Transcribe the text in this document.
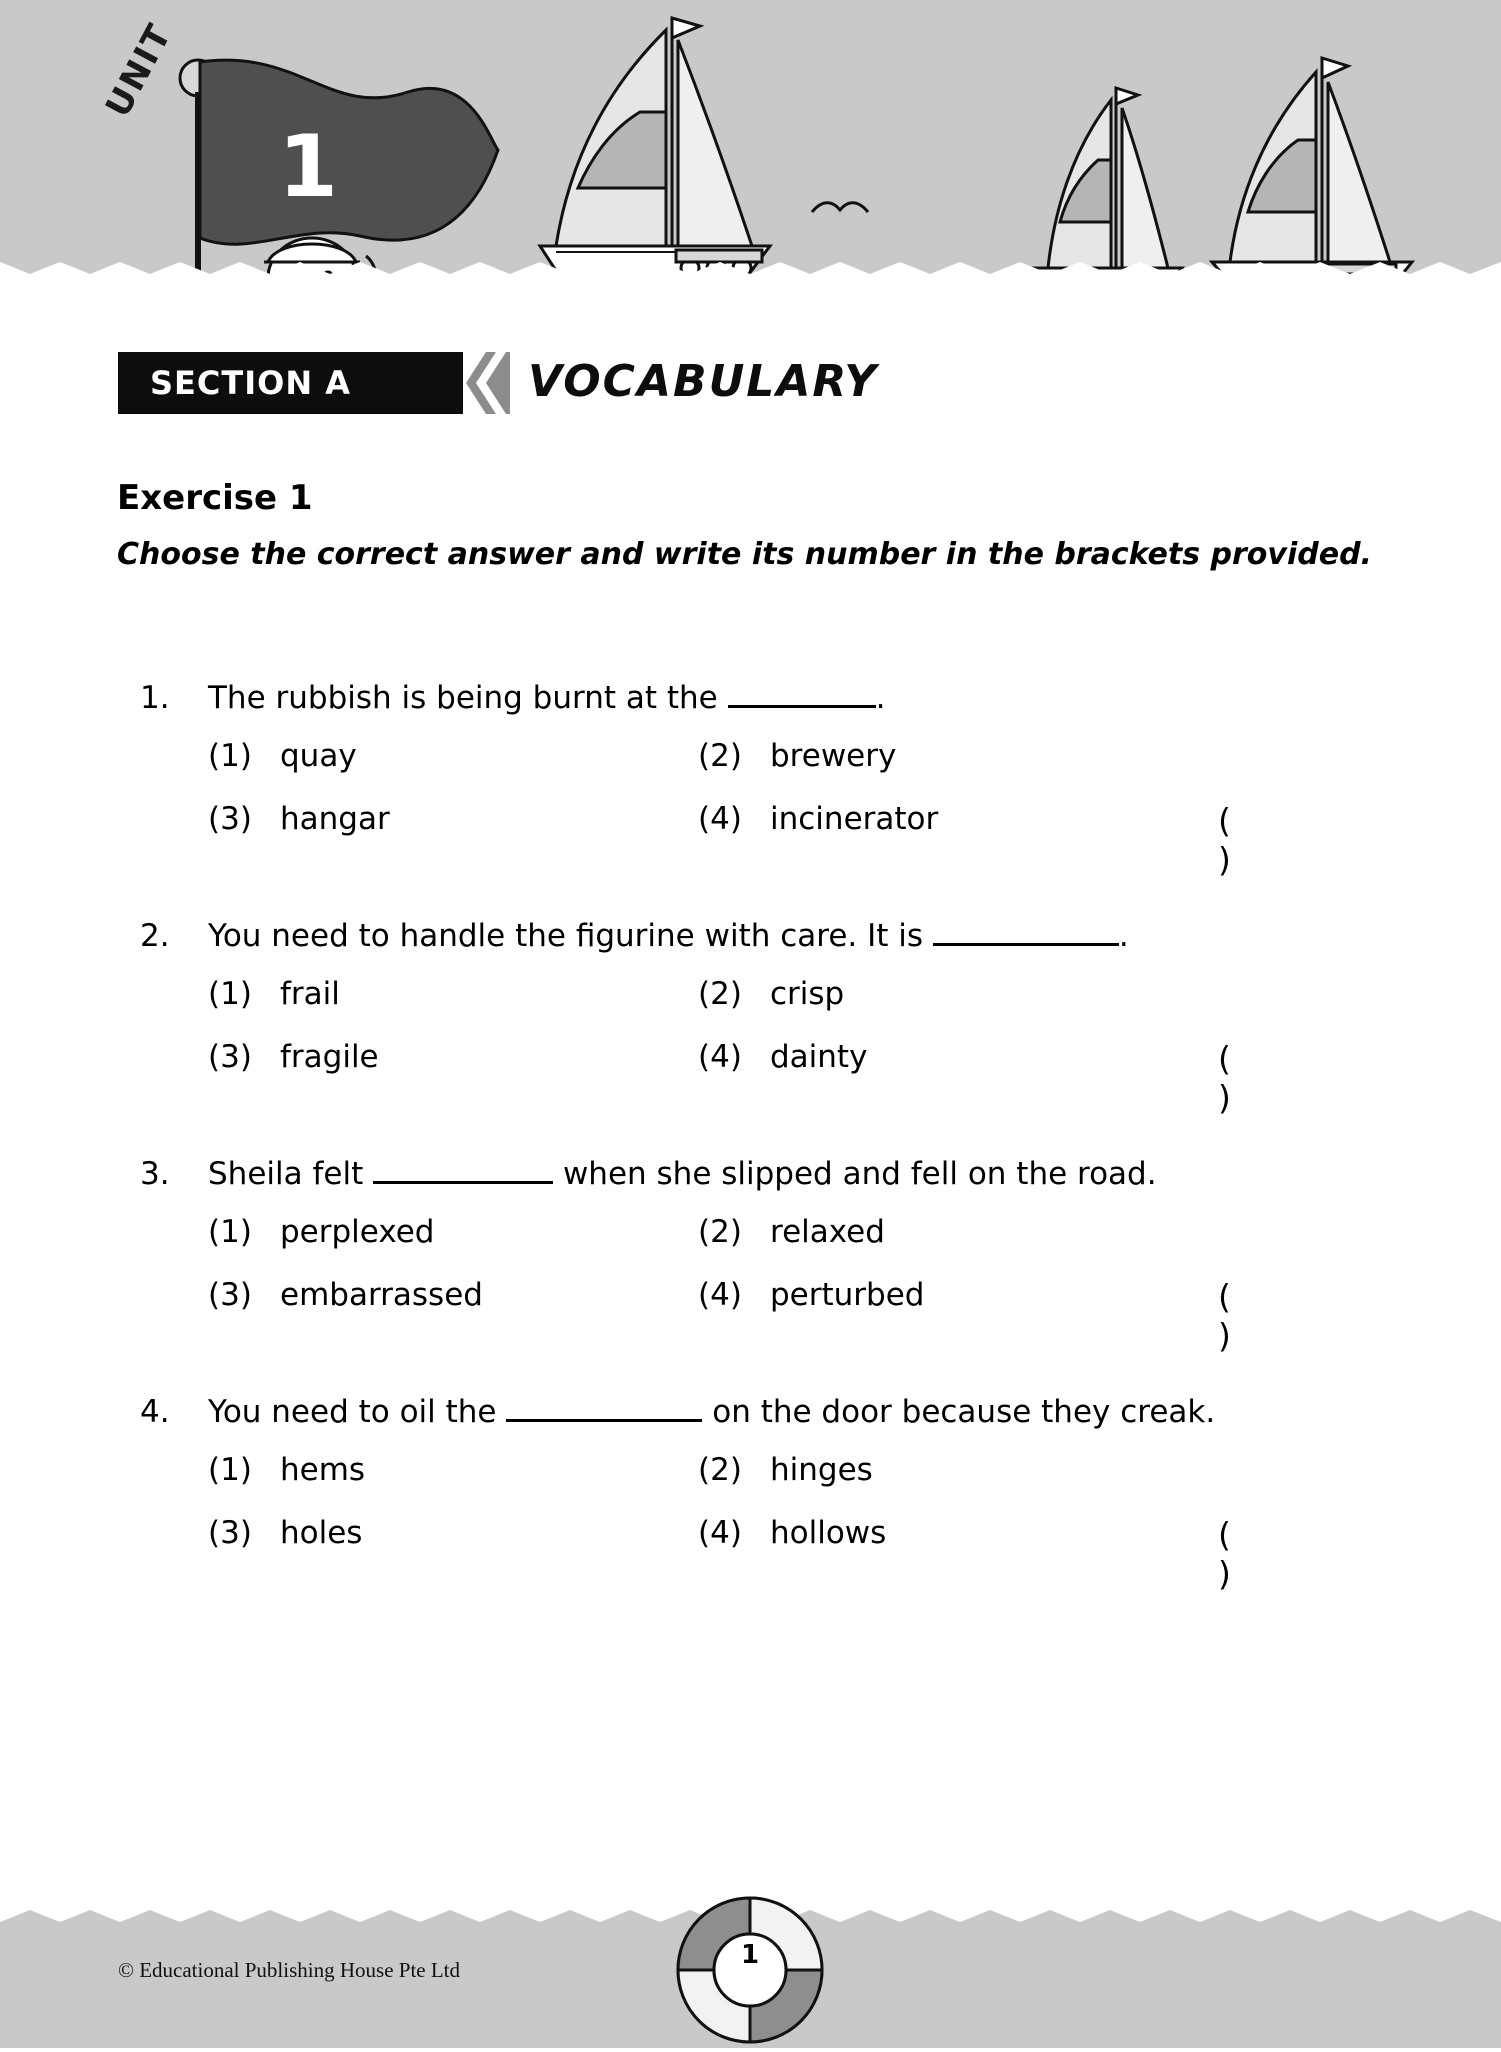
1
UNIT
SECTION A	VOCABULARY
Exercise 1
Choose the correct answer and write its number in the brackets provided.
1. The rubbish is being burnt at the	.
(1) quay	(2) brewery
(3) hangar	(4) incinerator	( )
2. You need to handle the figurine with care. It is	.
(1) frail	(2) crisp
(3) fragile	(4) dainty	( )
3. Sheila felt	when she slipped and fell on the road.
(1) perplexed	(2) relaxed
(3) embarrassed	(4) perturbed	( )
4. You need to oil the	on the door because they creak.
(1) hems	(2) hinges
(3) holes	(4) hollows	( )
1
© Educational Publishing House Pte Ltd
